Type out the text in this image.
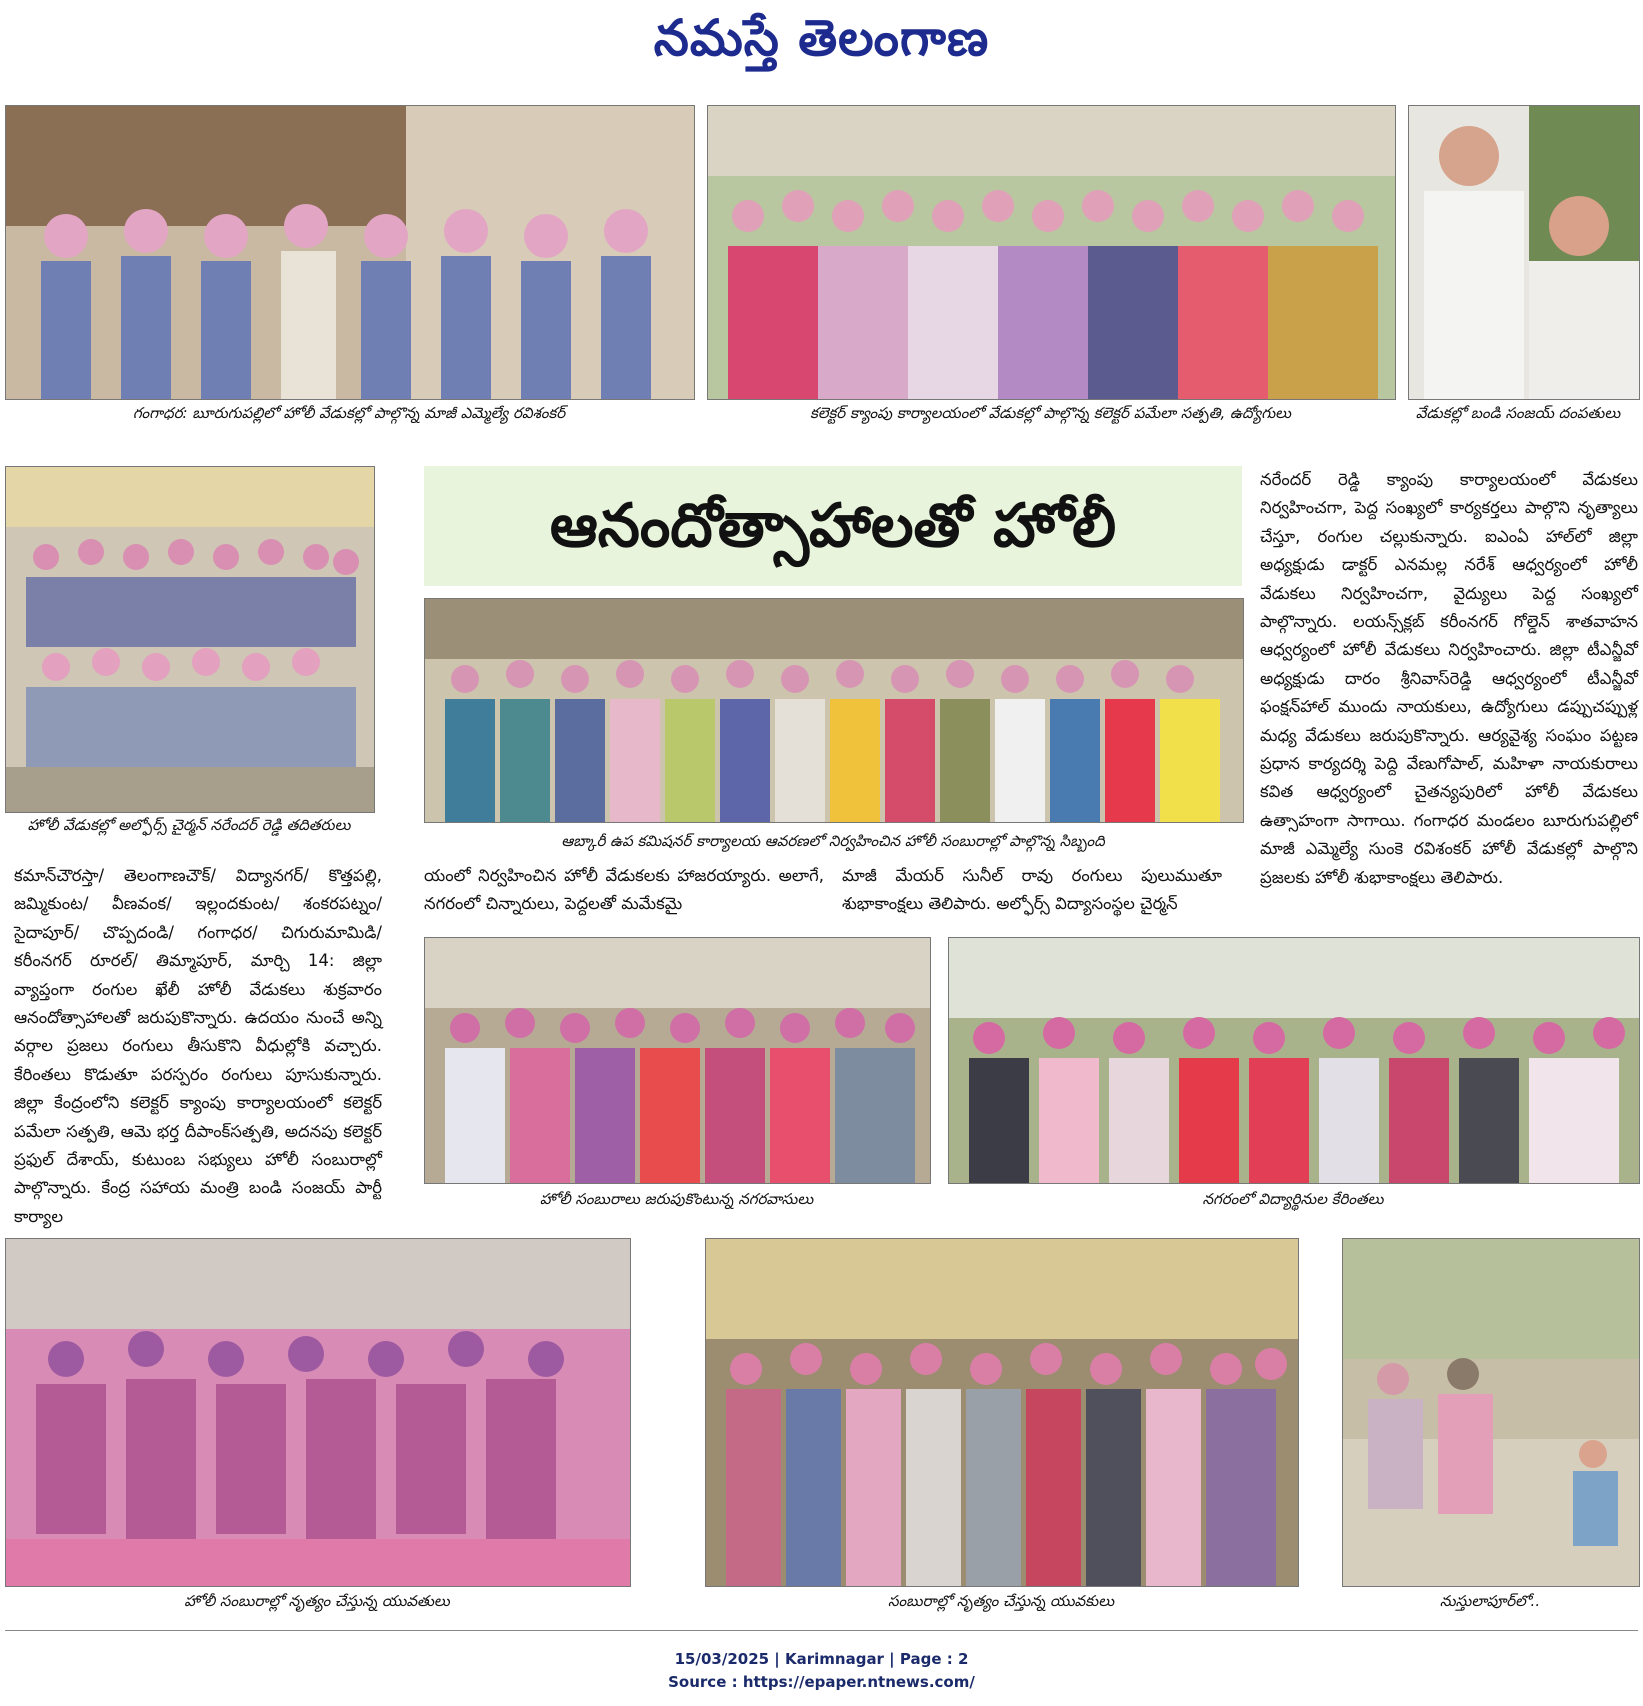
నమస్తే తెలంగాణ
గంగాధర: బూరుగుపల్లిలో హోలీ వేడుకల్లో పాల్గొన్న మాజీ ఎమ్మెల్యే రవిశంకర్	కలెక్టర్ క్యాంపు కార్యాలయంలో వేడుకల్లో పాల్గొన్న కలెక్టర్ పమేలా సత్పతి, ఉద్యోగులు	వేడుకల్లో బండి సంజయ్ దంపతులు
హోలీ వేడుకల్లో అల్ఫోర్స్ చైర్మన్ నరేందర్ రెడ్డి తదితరులు
ఆనందోత్సాహాలతో హోలీ
ఆబ్కారీ ఉప కమిషనర్ కార్యాలయ ఆవరణలో నిర్వహించిన హోలీ సంబురాల్లో పాల్గొన్న సిబ్బంది
కమాన్‌చౌరస్తా/ తెలంగాణచౌక్/ విద్యానగర్/ కొత్తపల్లి, జమ్మికుంట/ వీణవంక/ ఇల్లందకుంట/ శంకరపట్నం/ సైదాపూర్/ చొప్పదండి/ గంగాధర/ చిగురుమామిడి/ కరీంనగర్ రూరల్/ తిమ్మాపూర్, మార్చి 14: జిల్లా వ్యాప్తంగా రంగుల ఖేలీ హోలీ వేడుకలు శుక్రవారం ఆనందోత్సాహాలతో జరుపుకొన్నారు. ఉదయం నుంచే అన్ని వర్గాల ప్రజలు రంగులు తీసుకొని వీధుల్లోకి వచ్చారు. కేరింతలు కొడుతూ పరస్పరం రంగులు పూసుకున్నారు. జిల్లా కేంద్రంలోని కలెక్టర్ క్యాంపు కార్యాలయంలో కలెక్టర్ పమేలా సత్పతి, ఆమె భర్త దీపాంక్‌సత్పతి, అదనపు కలెక్టర్ ప్రఫుల్ దేశాయ్, కుటుంబ సభ్యులు హోలీ సంబురాల్లో పాల్గొన్నారు. కేంద్ర సహాయ మంత్రి బండి సంజయ్ పార్టీ కార్యాల
యంలో నిర్వహించిన హోలీ వేడుకలకు హాజరయ్యారు. అలాగే, నగరంలో చిన్నారులు, పెద్దలతో మమేకమై
మాజీ మేయర్ సునీల్ రావు రంగులు పులుముతూ శుభాకాంక్షలు తెలిపారు. అల్ఫోర్స్ విద్యాసంస్థల చైర్మన్
నరేందర్ రెడ్డి క్యాంపు కార్యాలయంలో వేడుకలు నిర్వహించగా, పెద్ద సంఖ్యలో కార్యకర్తలు పాల్గొని నృత్యాలు చేస్తూ, రంగుల చల్లుకున్నారు. ఐఎంఏ హాల్‌లో జిల్లా అధ్యక్షుడు డాక్టర్ ఎనమల్ల నరేశ్ ఆధ్వర్యంలో హోలీ వేడుకలు నిర్వహించగా, వైద్యులు పెద్ద సంఖ్యలో పాల్గొన్నారు. లయన్స్‌క్లబ్ కరీంనగర్ గోల్డెన్ శాతవాహన ఆధ్వర్యంలో హోలీ వేడుకలు నిర్వహించారు. జిల్లా టీఎన్జీవో అధ్యక్షుడు దారం శ్రీనివాస్‌రెడ్డి ఆధ్వర్యంలో టీఎన్జీవో ఫంక్షన్‌హాల్ ముందు నాయకులు, ఉద్యోగులు డప్పుచప్పుళ్ల మధ్య వేడుకలు జరుపుకొన్నారు. ఆర్యవైశ్య సంఘం పట్టణ ప్రధాన కార్యదర్శి పెద్ది వేణుగోపాల్, మహిళా నాయకురాలు కవిత ఆధ్వర్యంలో చైతన్యపురిలో హోలీ వేడుకలు ఉత్సాహంగా సాగాయి. గంగాధర మండలం బూరుగుపల్లిలో మాజీ ఎమ్మెల్యే సుంకె రవిశంకర్ హోలీ వేడుకల్లో పాల్గొని ప్రజలకు హోలీ శుభాకాంక్షలు తెలిపారు.
హోలీ సంబురాలు జరుపుకొంటున్న నగరవాసులు	నగరంలో విద్యార్థినుల కేరింతలు
హోలీ సంబురాల్లో నృత్యం చేస్తున్న యువతులు	సంబురాల్లో నృత్యం చేస్తున్న యువకులు	నుస్తులాపూర్‌లో..
15/03/2025 | Karimnagar | Page : 2
Source : https://epaper.ntnews.com/
